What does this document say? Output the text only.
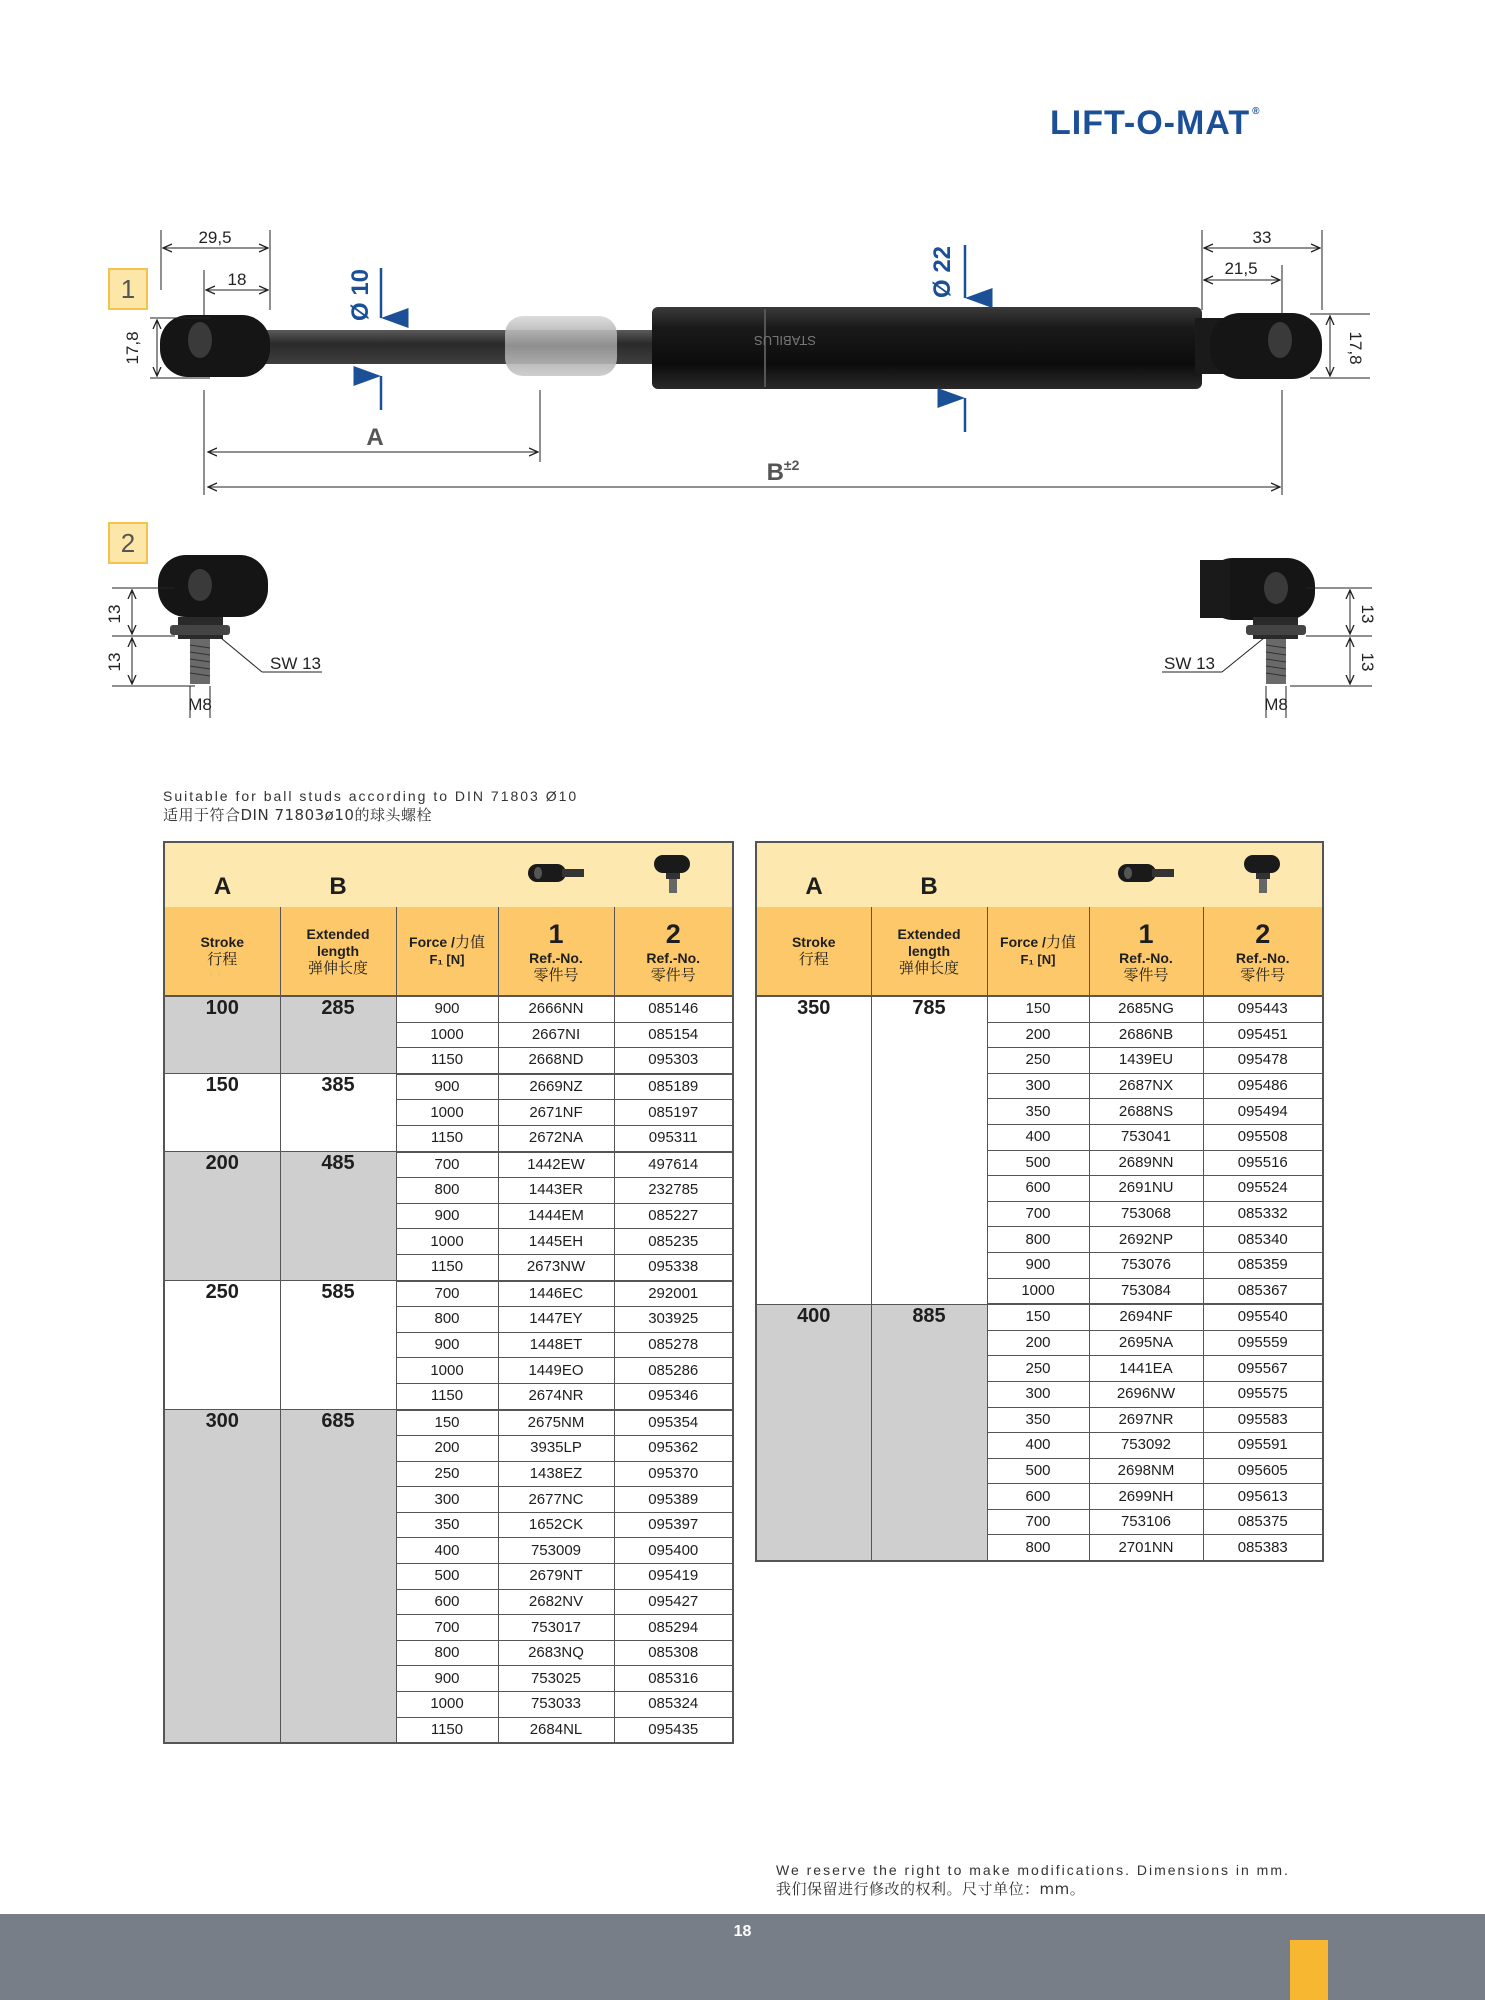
LIFT-O-MAT ®
1
2
STABILUS
29,5
18
17,8
Ø 10	Ø 22
33
21,5
17,8
A
$B^{\pm 2}$
13
13	SW 13
M8
13
13
SW 13
M8
Suitable for ball studs according to DIN 71803 Ø10
适用于符合DIN 71803ø10的球头螺栓
A	B			
Stroke
行程	Extended
length
弹伸长度	Force /力值
F₁ [N]	1
Ref.-No.
零件号	2
Ref.-No.
零件号

100	285	900	2666NN	085146
		1000	2667NI	085154
		1150	2668ND	095303
150	385	900	2669NZ	085189
		1000	2671NF	085197
		1150	2672NA	095311
200	485	700	1442EW	497614
		800	1443ER	232785
		900	1444EM	085227
		1000	1445EH	085235
		1150	2673NW	095338
250	585	700	1446EC	292001
		800	1447EY	303925
		900	1448ET	085278
		1000	1449EO	085286
		1150	2674NR	095346
300	685	150	2675NM	095354
		200	3935LP	095362
		250	1438EZ	095370
		300	2677NC	095389
		350	1652CK	095397
		400	753009	095400
		500	2679NT	095419
		600	2682NV	095427
		700	753017	085294
		800	2683NQ	085308
		900	753025	085316
		1000	753033	085324
		1150	2684NL	095435
A	B			
Stroke
行程	Extended
length
弹伸长度	Force /力值
F₁ [N]	1
Ref.-No.
零件号	2
Ref.-No.
零件号

350	785	150	2685NG	095443
		200	2686NB	095451
		250	1439EU	095478
		300	2687NX	095486
		350	2688NS	095494
		400	753041	095508
		500	2689NN	095516
		600	2691NU	095524
		700	753068	085332
		800	2692NP	085340
		900	753076	085359
		1000	753084	085367
400	885	150	2694NF	095540
		200	2695NA	095559
		250	1441EA	095567
		300	2696NW	095575
		350	2697NR	095583
		400	753092	095591
		500	2698NM	095605
		600	2699NH	095613
		700	753106	085375
		800	2701NN	085383
We reserve the right to make modifications. Dimensions in mm.
我们保留进行修改的权利。尺寸单位：mm。
18
